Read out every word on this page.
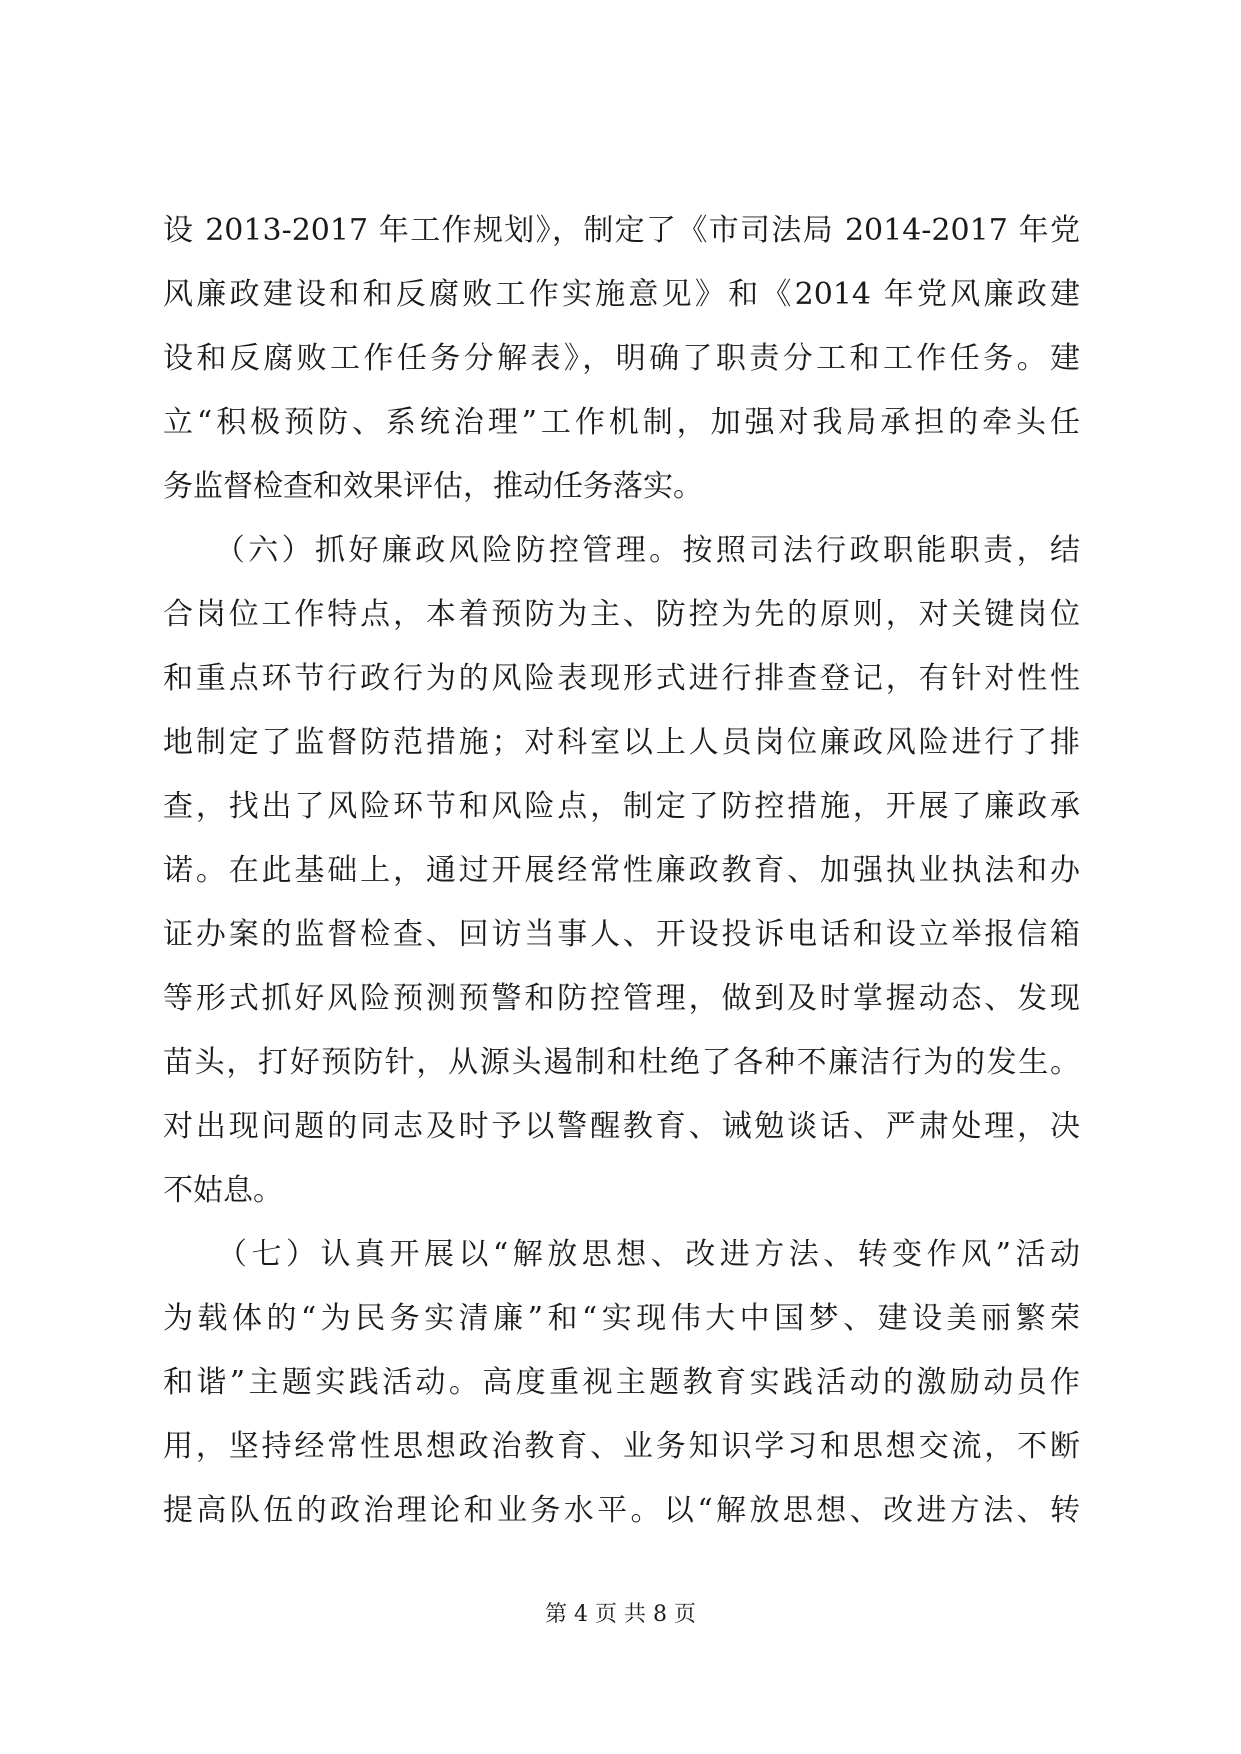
设 2013-2017 年工作规划》，制定了《市司法局 2014-2017 年党
风廉政建设和和反腐败工作实施意见》和《2014 年党风廉政建
设和反腐败工作任务分解表》，明确了职责分工和工作任务。建
立“积极预防、系统治理”工作机制，加强对我局承担的牵头任
务监督检查和效果评估，推动任务落实。
　　（六）抓好廉政风险防控管理。按照司法行政职能职责，结
合岗位工作特点，本着预防为主、防控为先的原则，对关键岗位
和重点环节行政行为的风险表现形式进行排查登记，有针对性性
地制定了监督防范措施；对科室以上人员岗位廉政风险进行了排
查，找出了风险环节和风险点，制定了防控措施，开展了廉政承
诺。在此基础上，通过开展经常性廉政教育、加强执业执法和办
证办案的监督检查、回访当事人、开设投诉电话和设立举报信箱
等形式抓好风险预测预警和防控管理，做到及时掌握动态、发现
苗头，打好预防针，从源头遏制和杜绝了各种不廉洁行为的发生。
对出现问题的同志及时予以警醒教育、诫勉谈话、严肃处理，决
不姑息。
　　（七）认真开展以“解放思想、改进方法、转变作风”活动
为载体的“为民务实清廉”和“实现伟大中国梦、建设美丽繁荣
和谐”主题实践活动。高度重视主题教育实践活动的激励动员作
用，坚持经常性思想政治教育、业务知识学习和思想交流，不断
提高队伍的政治理论和业务水平。以“解放思想、改进方法、转
第 4 页 共 8 页
